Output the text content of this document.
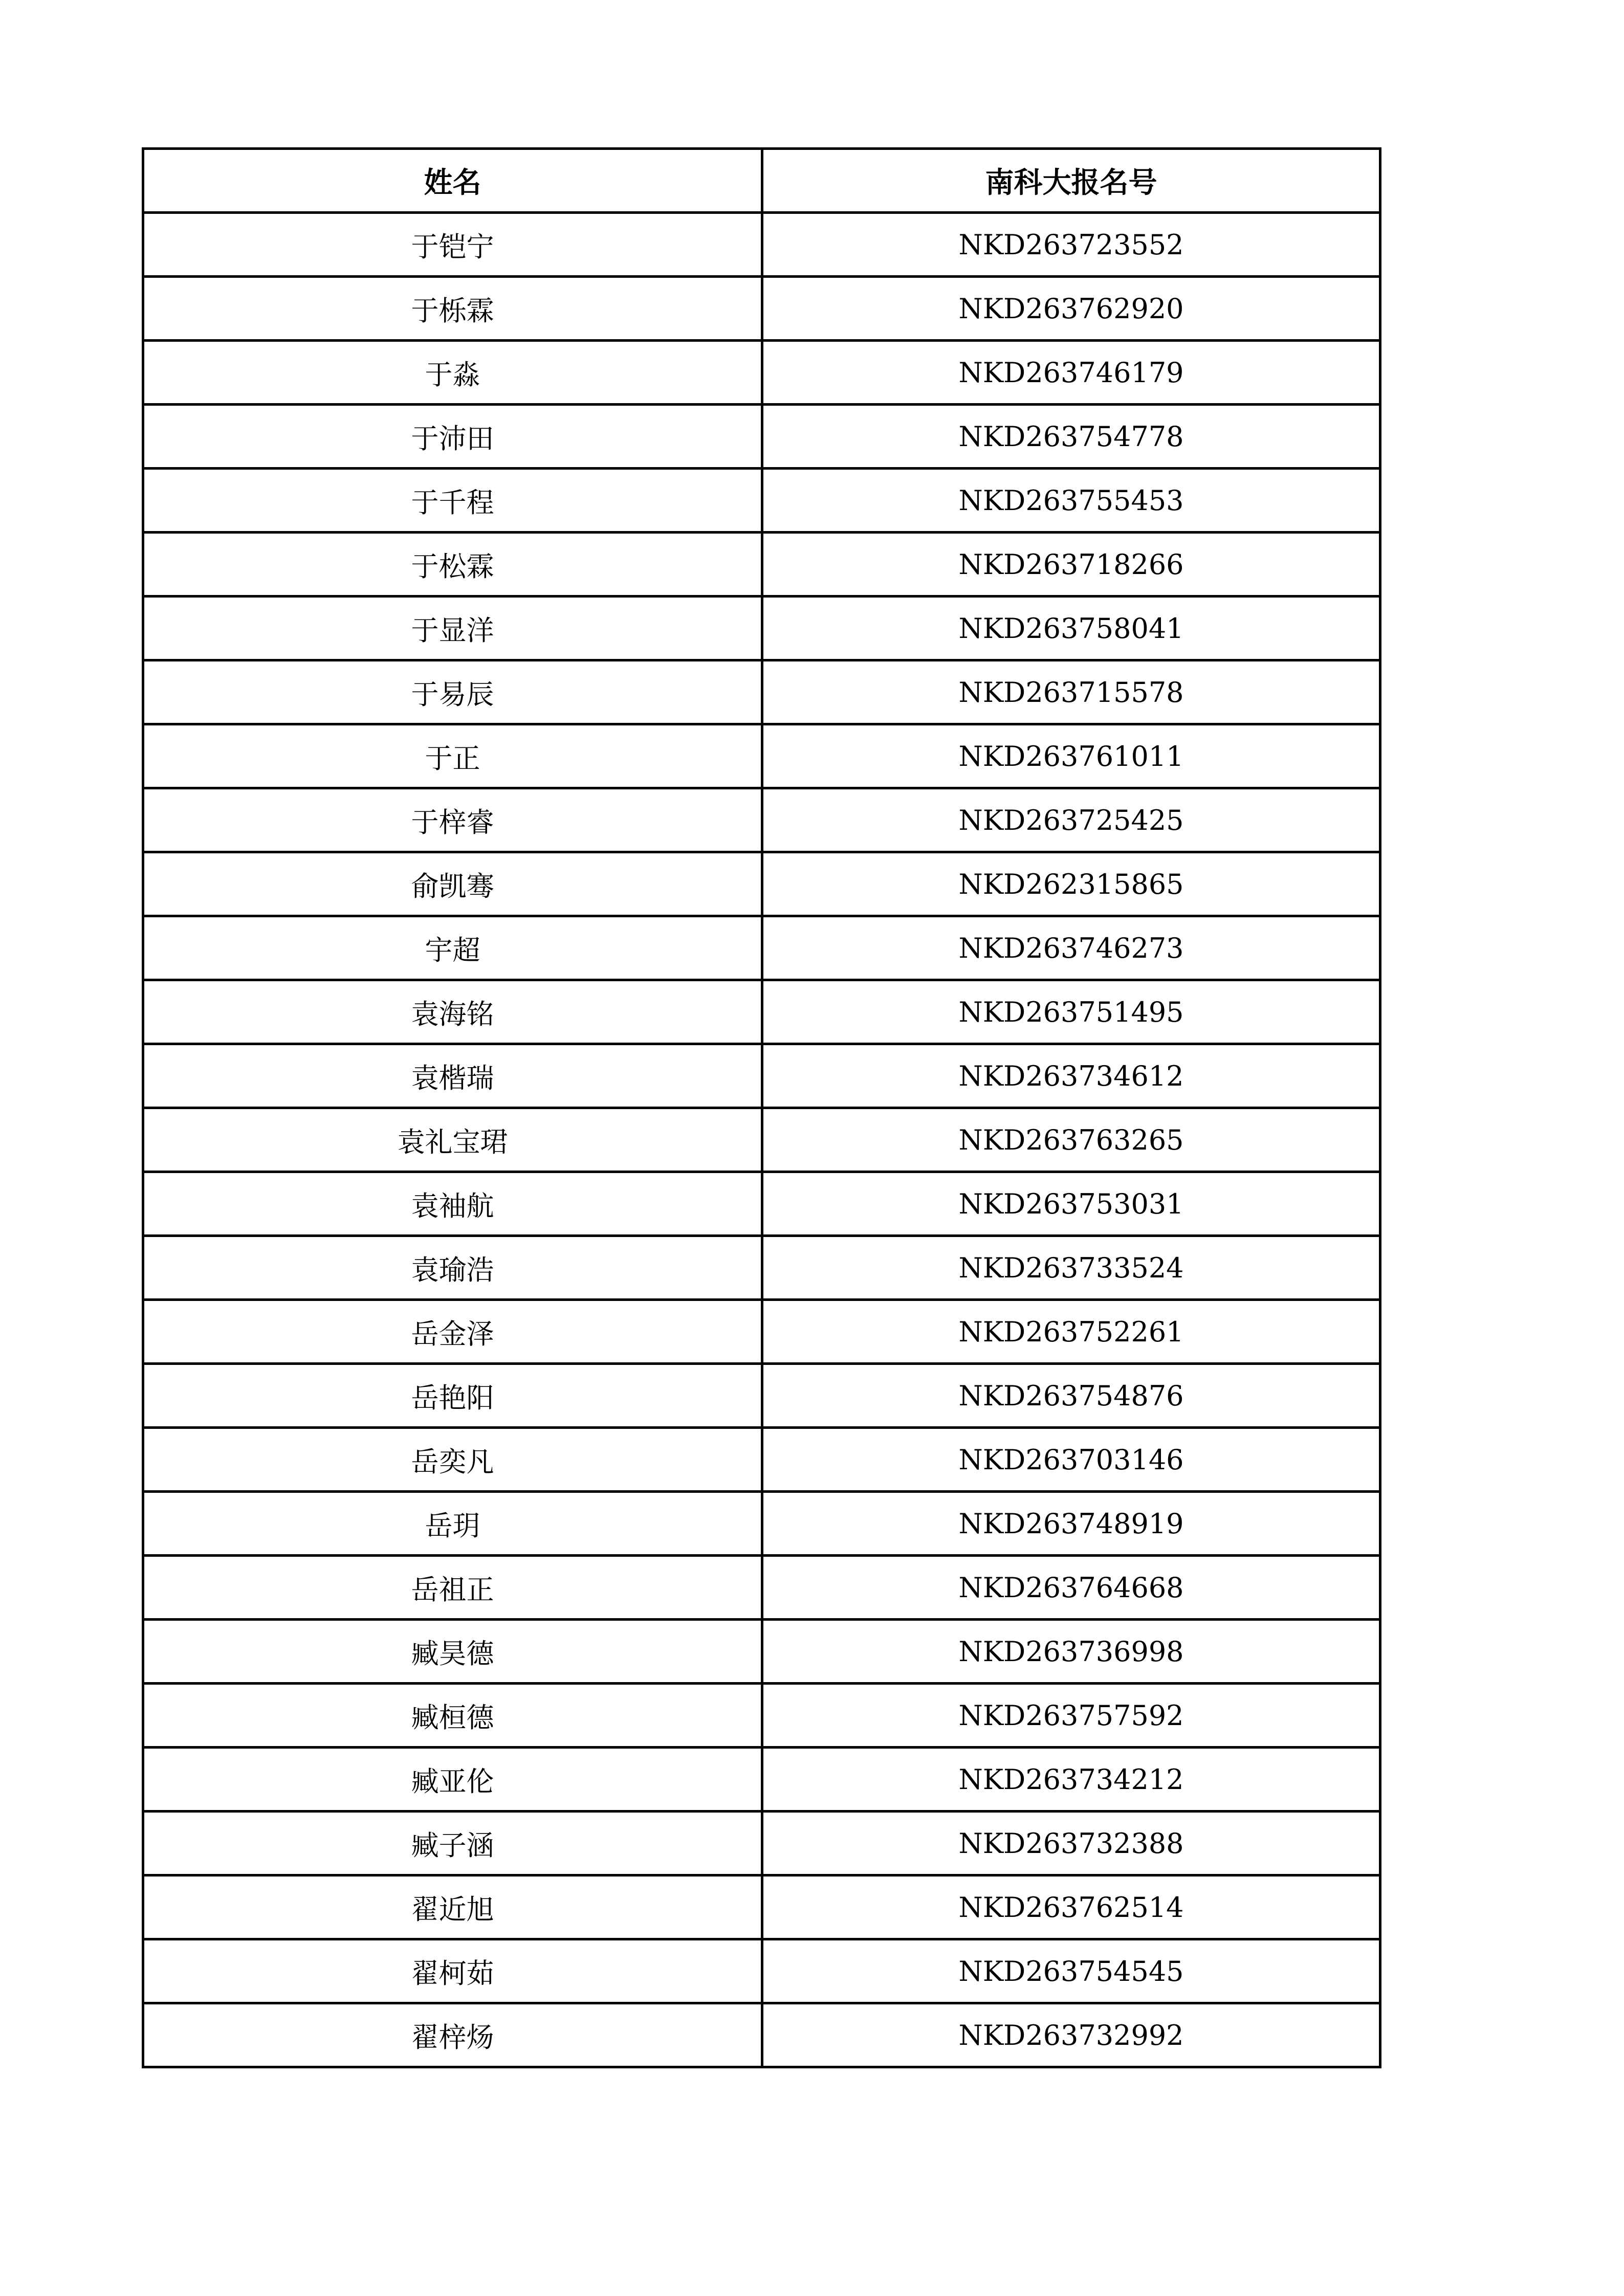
姓名	南科大报名号
于铠宁	NKD263723552
于栎霖	NKD263762920
于淼	NKD263746179
于沛田	NKD263754778
于千程	NKD263755453
于松霖	NKD263718266
于显洋	NKD263758041
于易辰	NKD263715578
于正	NKD263761011
于梓睿	NKD263725425
俞凯骞	NKD262315865
宇超	NKD263746273
袁海铭	NKD263751495
袁楷瑞	NKD263734612
袁礼宝珺	NKD263763265
袁袖航	NKD263753031
袁瑜浩	NKD263733524
岳金泽	NKD263752261
岳艳阳	NKD263754876
岳奕凡	NKD263703146
岳玥	NKD263748919
岳祖正	NKD263764668
臧昊德	NKD263736998
臧桓德	NKD263757592
臧亚伦	NKD263734212
臧子涵	NKD263732388
翟近旭	NKD263762514
翟柯茹	NKD263754545
翟梓炀	NKD263732992
